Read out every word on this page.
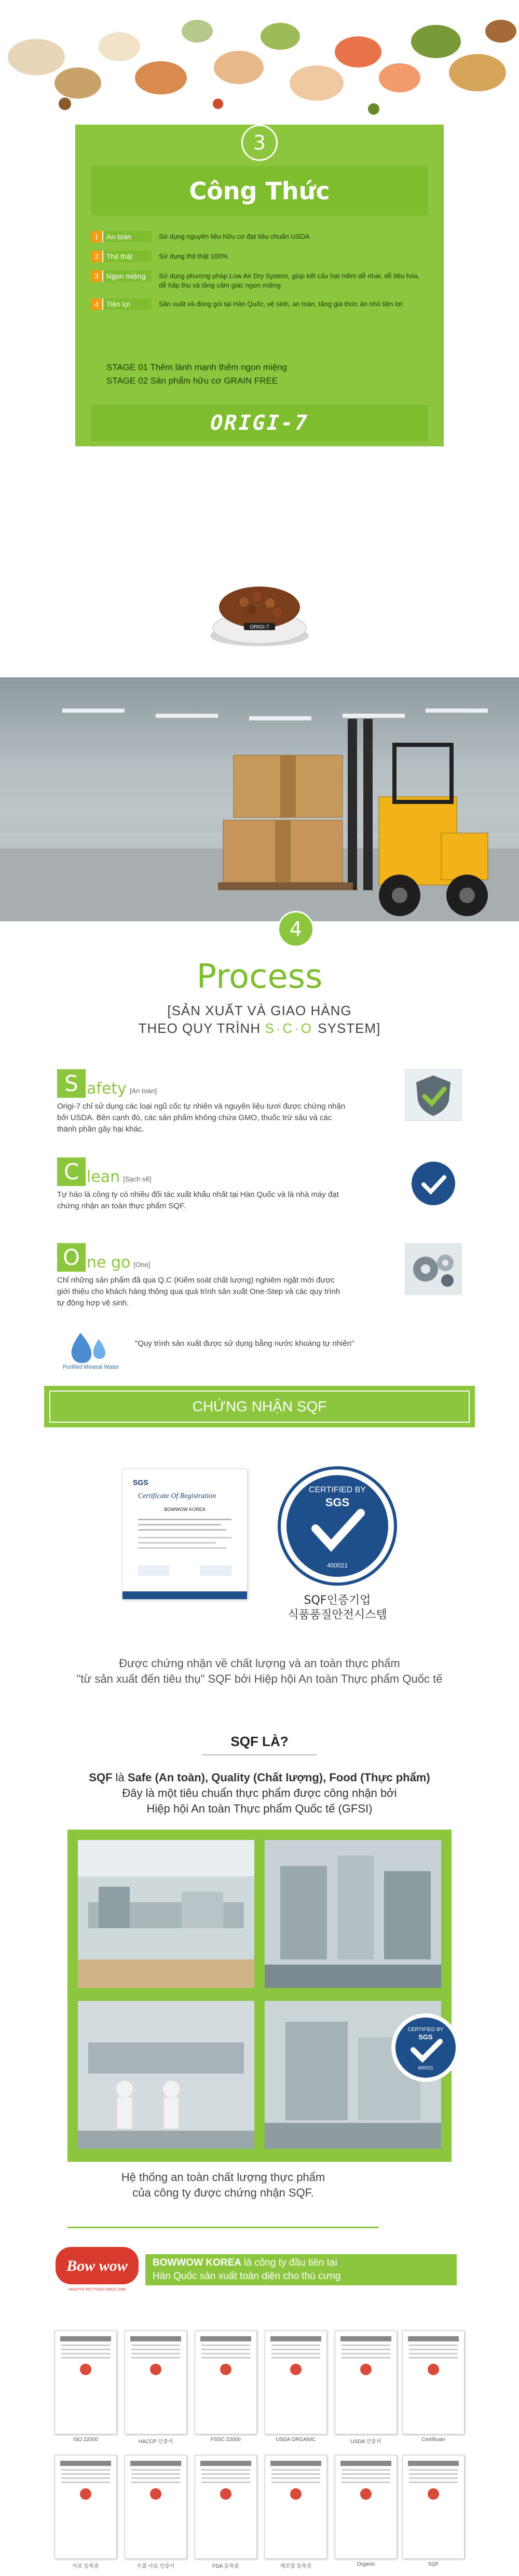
3
Công Thức
1	An toàn	Sử dụng nguyên liệu hữu cơ đạt tiêu chuẩn USDA
2	Thịt thật	Sử dụng thịt thật 100%
3	Ngon miệng	Sử dụng phương pháp Low Air Dry System, giúp kết cấu hạt mềm dễ nhai, dễ tiêu hóa, dễ hấp thụ và tăng cảm giác ngon miệng
4	Tiện lợi	Sản xuất và đóng gói tại Hàn Quốc, vệ sinh, an toàn, tăng giá thức ăn nhỏ tiện lợi
STAGE 01 Thêm lành mạnh thêm ngon miệng
STAGE 02 Sản phẩm hữu cơ GRAIN FREE
ORIGI-7
ORIGI-7
4
Process
[SẢN XUẤT VÀ GIAO HÀNG
THEO QUY TRÌNH S·C·O SYSTEM]
S afety [An toàn]
Origi-7 chỉ sử dụng các loại ngũ cốc tự nhiên và nguyên liệu tươi được chứng nhận bởi USDA. Bên cạnh đó, các sản phẩm không chứa GMO, thuốc trừ sâu và các thành phần gây hại khác.
C lean [Sạch sẽ]
Tự hào là công ty có nhiều đối tác xuất khẩu nhất tại Hàn Quốc và là nhà máy đạt chứng nhận an toàn thực phẩm SQF.
O ne go [One]
Chỉ những sản phẩm đã qua Q.C (Kiểm soát chất lượng) nghiêm ngặt mới được giới thiệu cho khách hàng thông qua quá trình sản xuất One-Step và các quy trình tự động hợp vệ sinh.
Purified Mineral Water
"Quy trình sản xuất được sử dụng bằng nước khoáng tự nhiên"
CHỨNG NHẬN SQF
SGS
Certificate Of Registration
BOWWOW KOREA
CERTIFIED BY
SGS
400021
SQF인증기업
식품품질안전시스템
Được chứng nhận về chất lượng và an toàn thực phẩm
"từ sản xuất đến tiêu thụ" SQF bởi Hiệp hội An toàn Thực phẩm Quốc tế
SQF LÀ?
SQF là Safe (An toàn), Quality (Chất lượng), Food (Thực phẩm)
Đây là một tiêu chuẩn thực phẩm được công nhận bởi
Hiệp hội An toàn Thực phẩm Quốc tế (GFSI)
CERTIFIED BY
SGS
400021
Hệ thống an toàn chất lượng thực phẩm
của công ty được chứng nhận SQF.
Bow wow
HEALTHY PET FOOD SINCE 2008
BOWWOW KOREA là công ty đầu tiên tại
Hàn Quốc sản xuất toàn diện cho thú cưng
ISO 22000	HACCP 인증서	FSSC 22000	USDA ORGANIC	USDA 인증서	Certificate
사료 등록증	수출 사료 인증서	FDA 등록증	제조업 등록증	Organic	SQF
